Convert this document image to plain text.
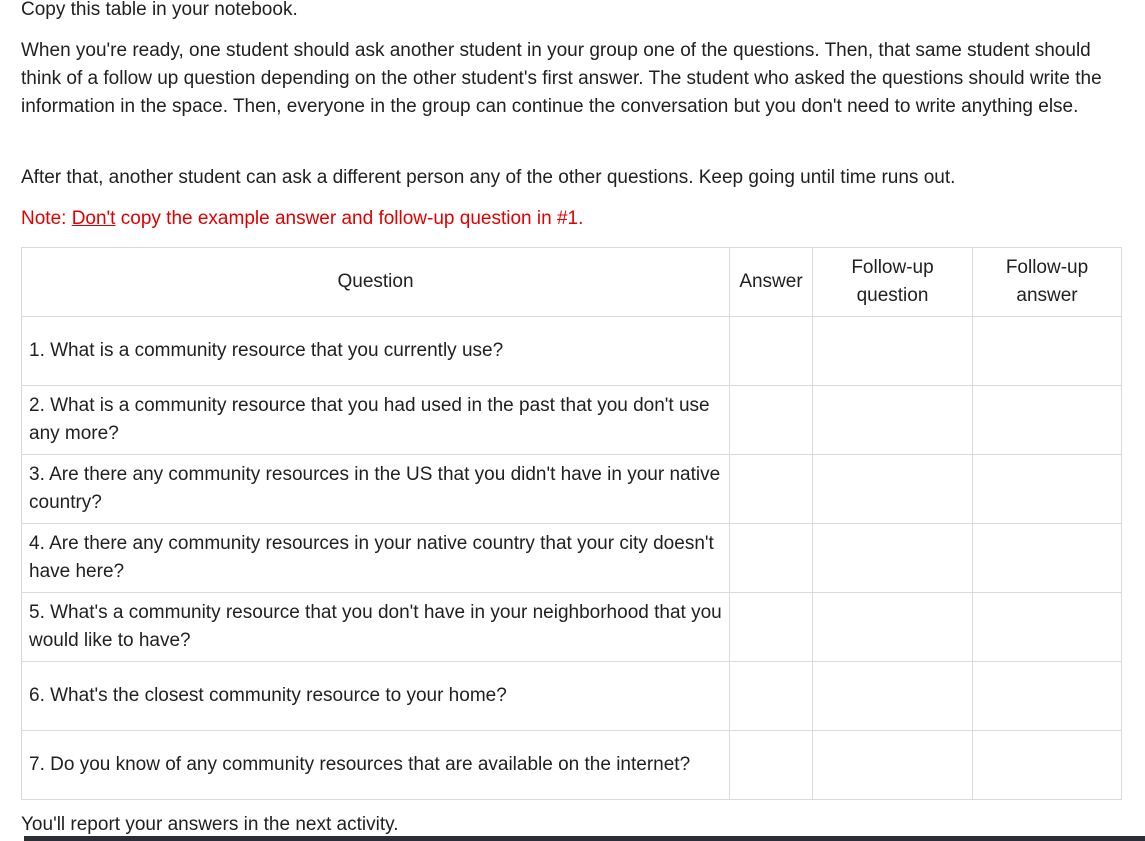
Copy this table in your notebook.

When you're ready, one student should ask another student in your group one of the questions. Then, that same student should think of a follow up question depending on the other student's first answer. The student who asked the questions should write the information in the space. Then, everyone in the group can continue the conversation but you don't need to write anything else.

After that, another student can ask a different person any of the other questions. Keep going until time runs out.

Note: Don't copy the example answer and follow-up question in #1.

Question	Answer	Follow-up question	Follow-up answer
1. What is a community resource that you currently use?			
2. What is a community resource that you had used in the past that you don't use any more?			
3. Are there any community resources in the US that you didn't have in your native country?			
4. Are there any community resources in your native country that your city doesn't have here?			
5. What's a community resource that you don't have in your neighborhood that you would like to have?			
6. What's the closest community resource to your home?			
7. Do you know of any community resources that are available on the internet?			

You'll report your answers in the next activity.
